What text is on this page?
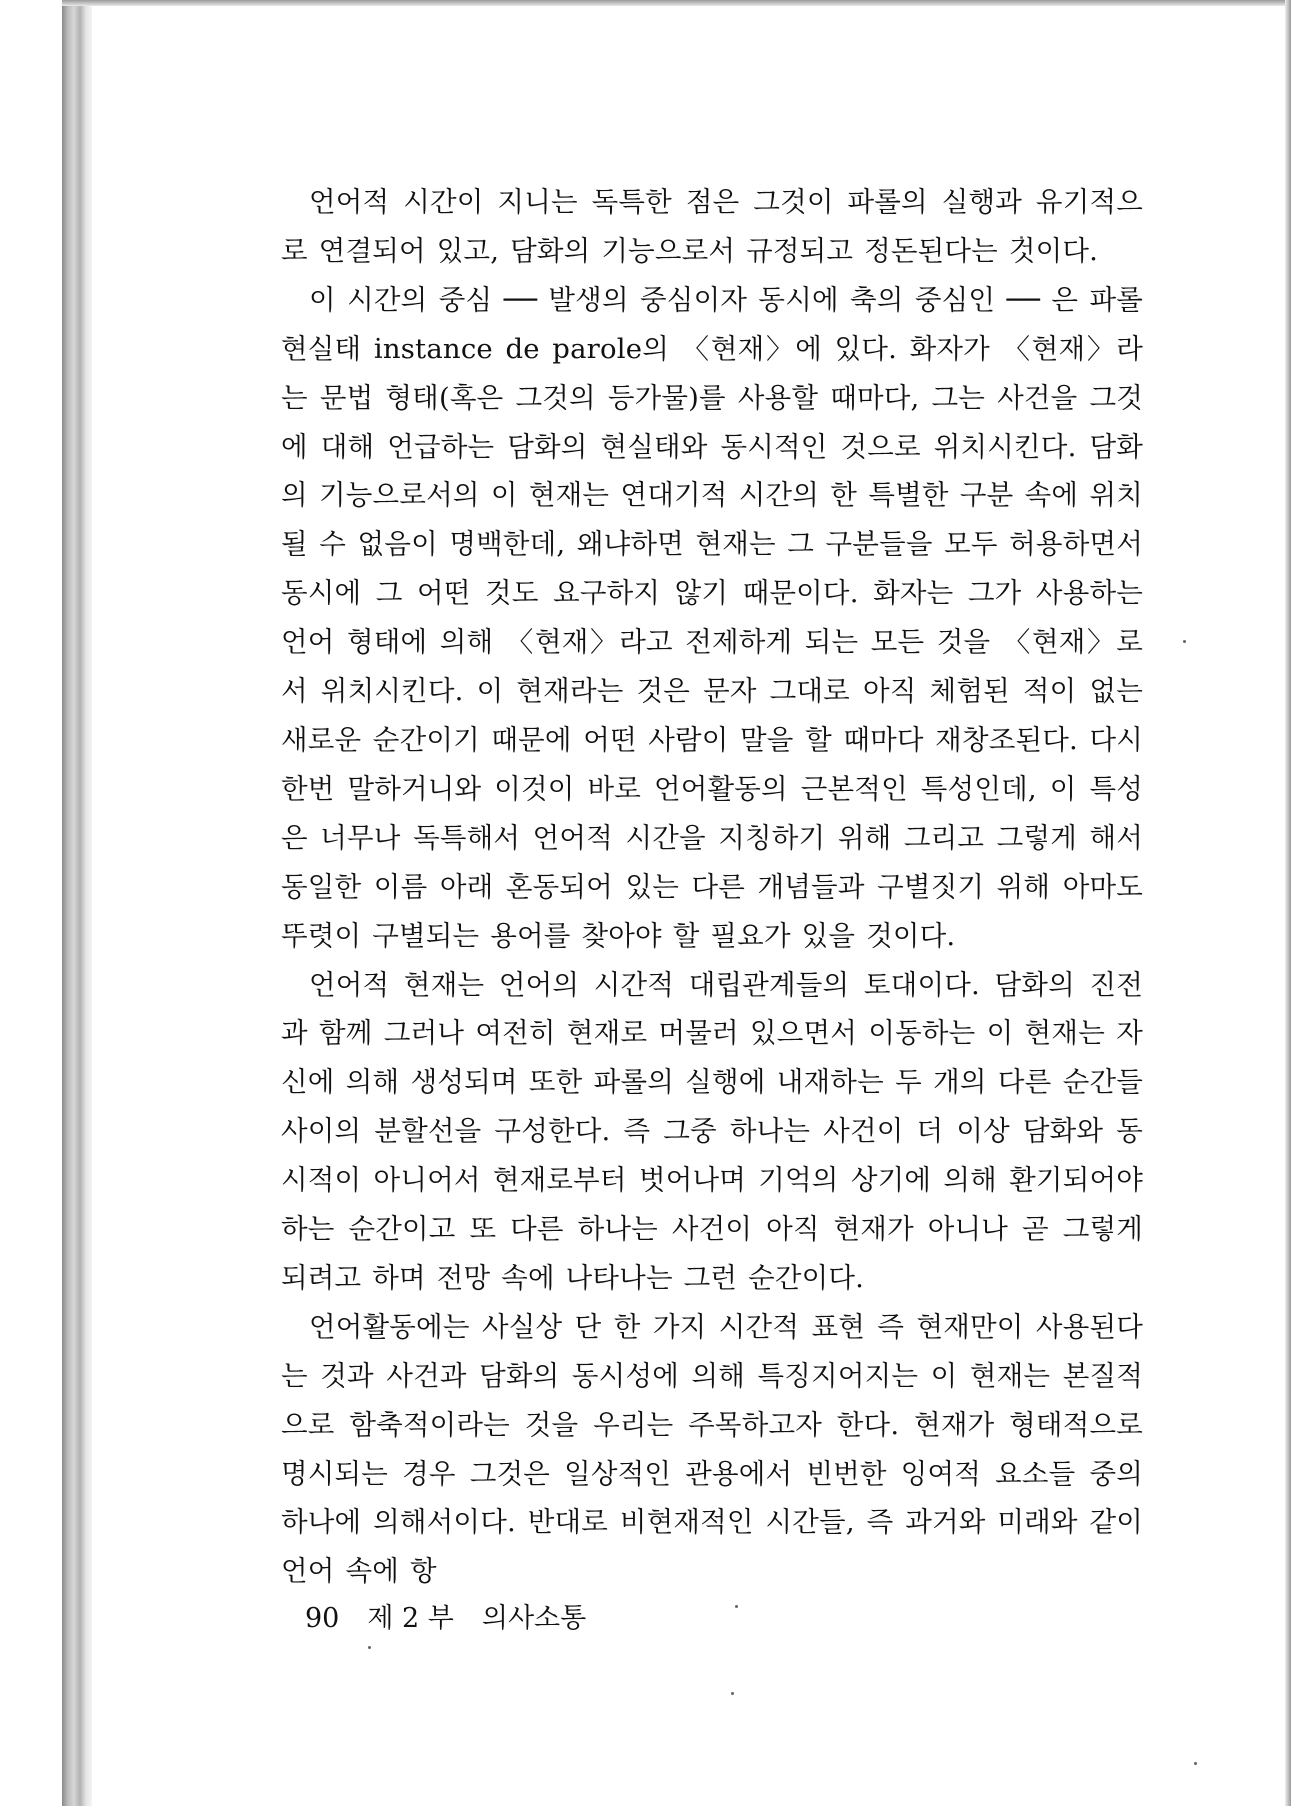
언어적 시간이 지니는 독특한 점은 그것이 파롤의 실행과 유기적으로 연결되어 있고, 담화의 기능으로서 규정되고 정돈된다는 것이다.

이 시간의 중심 ── 발생의 중심이자 동시에 축의 중심인 ── 은 파롤 현실태 instance de parole의 〈현재〉에 있다. 화자가 〈현재〉라는 문법 형태(혹은 그것의 등가물)를 사용할 때마다, 그는 사건을 그것에 대해 언급하는 담화의 현실태와 동시적인 것으로 위치시킨다. 담화의 기능으로서의 이 현재는 연대기적 시간의 한 특별한 구분 속에 위치될 수 없음이 명백한데, 왜냐하면 현재는 그 구분들을 모두 허용하면서 동시에 그 어떤 것도 요구하지 않기 때문이다. 화자는 그가 사용하는 언어 형태에 의해 〈현재〉라고 전제하게 되는 모든 것을 〈현재〉로서 위치시킨다. 이 현재라는 것은 문자 그대로 아직 체험된 적이 없는 새로운 순간이기 때문에 어떤 사람이 말을 할 때마다 재창조된다. 다시 한번 말하거니와 이것이 바로 언어활동의 근본적인 특성인데, 이 특성은 너무나 독특해서 언어적 시간을 지칭하기 위해 그리고 그렇게 해서 동일한 이름 아래 혼동되어 있는 다른 개념들과 구별짓기 위해 아마도 뚜렷이 구별되는 용어를 찾아야 할 필요가 있을 것이다.

언어적 현재는 언어의 시간적 대립관계들의 토대이다. 담화의 진전과 함께 그러나 여전히 현재로 머물러 있으면서 이동하는 이 현재는 자신에 의해 생성되며 또한 파롤의 실행에 내재하는 두 개의 다른 순간들 사이의 분할선을 구성한다. 즉 그중 하나는 사건이 더 이상 담화와 동시적이 아니어서 현재로부터 벗어나며 기억의 상기에 의해 환기되어야 하는 순간이고 또 다른 하나는 사건이 아직 현재가 아니나 곧 그렇게 되려고 하며 전망 속에 나타나는 그런 순간이다.

언어활동에는 사실상 단 한 가지 시간적 표현 즉 현재만이 사용된다는 것과 사건과 담화의 동시성에 의해 특징지어지는 이 현재는 본질적으로 함축적이라는 것을 우리는 주목하고자 한다. 현재가 형태적으로 명시되는 경우 그것은 일상적인 관용에서 빈번한 잉여적 요소들 중의 하나에 의해서이다. 반대로 비현재적인 시간들, 즉 과거와 미래와 같이 언어 속에 항

90 제 2 부 의사소통
